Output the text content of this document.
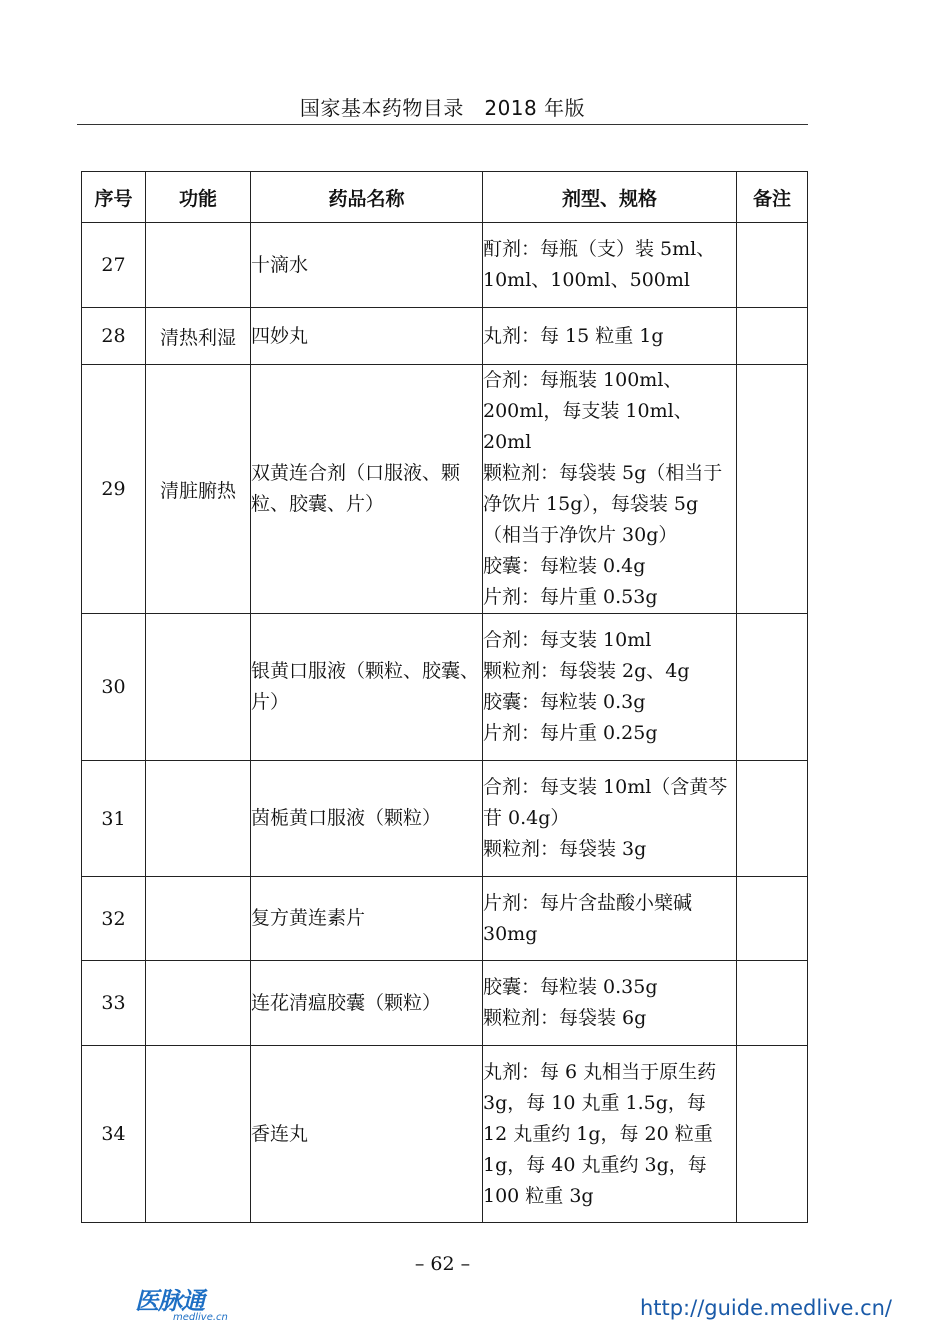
国家基本药物目录　2018 年版
序号	功能	药品名称	剂型、规格	备注
27		十滴水	酊剂：每瓶（支）装 5ml、10ml、100ml、500ml	

28	清热利湿	四妙丸	丸剂：每 15 粒重 1g	

29	清脏腑热	双黄连合剂（口服液、颗粒、胶囊、片）	合剂：每瓶装 100ml、200ml，每支装 10ml、20ml
颗粒剂：每袋装 5g（相当于净饮片 15g），每袋装 5g（相当于净饮片 30g）
胶囊：每粒装 0.4g
片剂：每片重 0.53g	

30		银黄口服液（颗粒、胶囊、片）	合剂：每支装 10ml
颗粒剂：每袋装 2g、4g
胶囊：每粒装 0.3g
片剂：每片重 0.25g	

31		茵栀黄口服液（颗粒）	合剂：每支装 10ml（含黄芩苷 0.4g）
颗粒剂：每袋装 3g	

32		复方黄连素片	片剂：每片含盐酸小檗碱 30mg	

33		连花清瘟胶囊（颗粒）	胶囊：每粒装 0.35g
颗粒剂：每袋装 6g	

34		香连丸	丸剂：每 6 丸相当于原生药 3g，每 10 丸重 1.5g，每 12 丸重约 1g，每 20 粒重 1g，每 40 丸重约 3g，每 100 粒重 3g	

– 62 –
医脉通
medlive.cn	http://guide.medlive.cn/
